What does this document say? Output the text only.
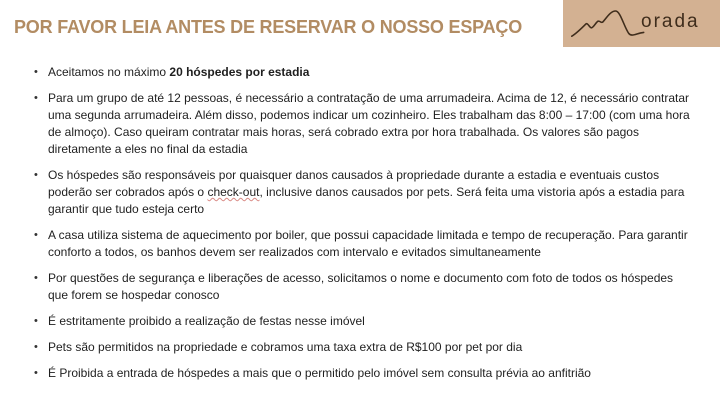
POR FAVOR LEIA ANTES DE RESERVAR O NOSSO ESPAÇO	orada
• Aceitamos no máximo 20 hóspedes por estadia
• Para um grupo de até 12 pessoas, é necessário a contratação de uma arrumadeira. Acima de 12, é necessário contratar uma segunda arrumadeira. Além disso, podemos indicar um cozinheiro. Eles trabalham das 8:00 – 17:00 (com uma hora de almoço). Caso queiram contratar mais horas, será cobrado extra por hora trabalhada. Os valores são pagos diretamente a eles no final da estadia
• Os hóspedes são responsáveis por quaisquer danos causados à propriedade durante a estadia e eventuais custos poderão ser cobrados após o check-out, inclusive danos causados por pets. Será feita uma vistoria após a estadia para garantir que tudo esteja certo
• A casa utiliza sistema de aquecimento por boiler, que possui capacidade limitada e tempo de recuperação. Para garantir conforto a todos, os banhos devem ser realizados com intervalo e evitados simultaneamente
• Por questões de segurança e liberações de acesso, solicitamos o nome e documento com foto de todos os hóspedes que forem se hospedar conosco
• É estritamente proibido a realização de festas nesse imóvel
• Pets são permitidos na propriedade e cobramos uma taxa extra de R$100 por pet por dia
• É Proibida a entrada de hóspedes a mais que o permitido pelo imóvel sem consulta prévia ao anfitrião
